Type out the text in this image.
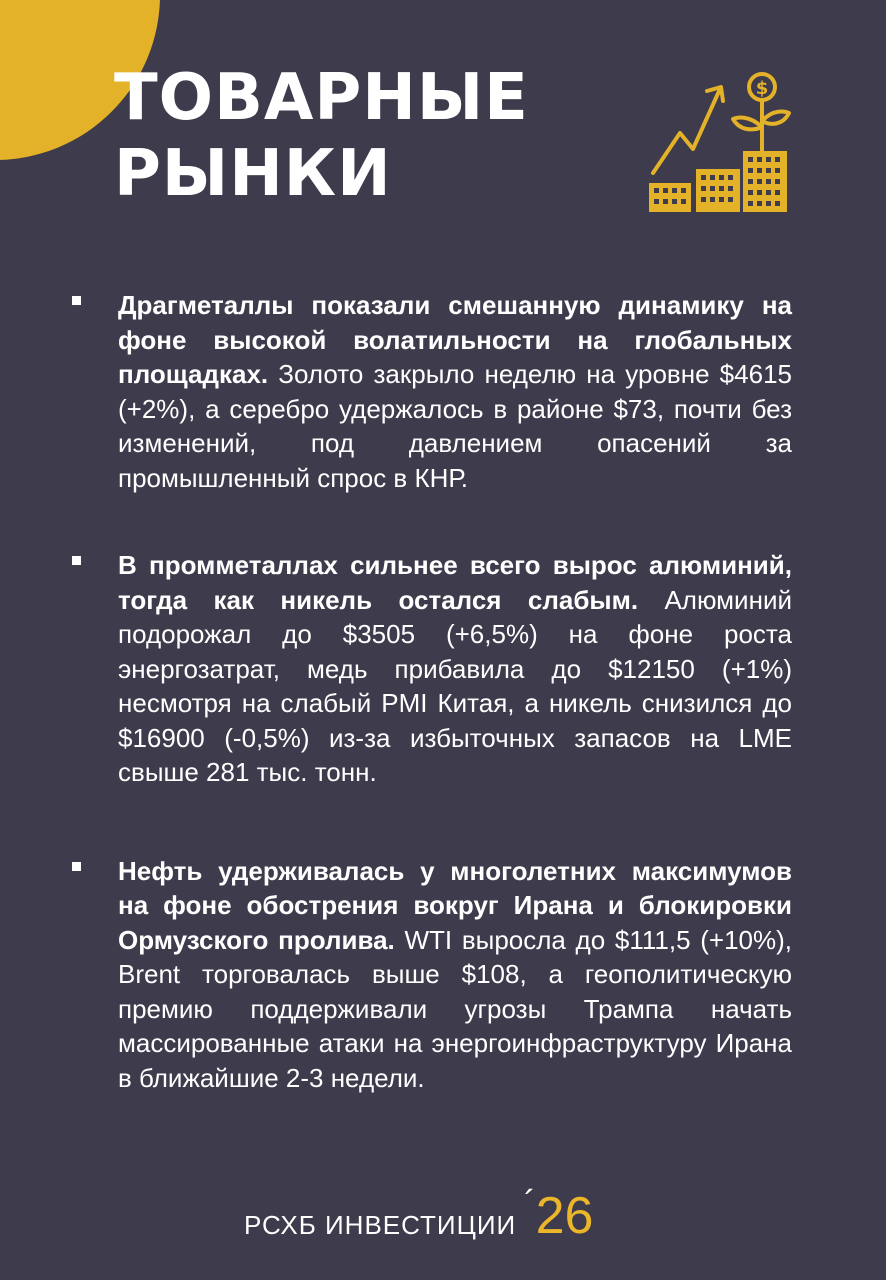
ТОВАРНЫЕ
РЫНКИ
$

Драгметаллы показали смешанную динамику на фоне высокой волатильности на глобальных площадках. Золото закрыло неделю на уровне $4615 (+2%), а серебро удержалось в районе $73, почти без изменений, под давлением опасений за промышленный спрос в КНР.

В промметаллах сильнее всего вырос алюминий, тогда как никель остался слабым. Алюминий подорожал до $3505 (+6,5%) на фоне роста энергозатрат, медь прибавила до $12150 (+1%) несмотря на слабый PMI Китая, а никель снизился до $16900 (-0,5%) из-за избыточных запасов на LME свыше 281 тыс. тонн.

Нефть удерживалась у многолетних максимумов на фоне обострения вокруг Ирана и блокировки Ормузского пролива. WTI выросла до $111,5 (+10%), Brent торговалась выше $108, а геополитическую премию поддерживали угрозы Трампа начать массированные атаки на энергоинфраструктуру Ирана в ближайшие 2-3 недели.

РСХБ ИНВЕСТИЦИИ
´ 26
